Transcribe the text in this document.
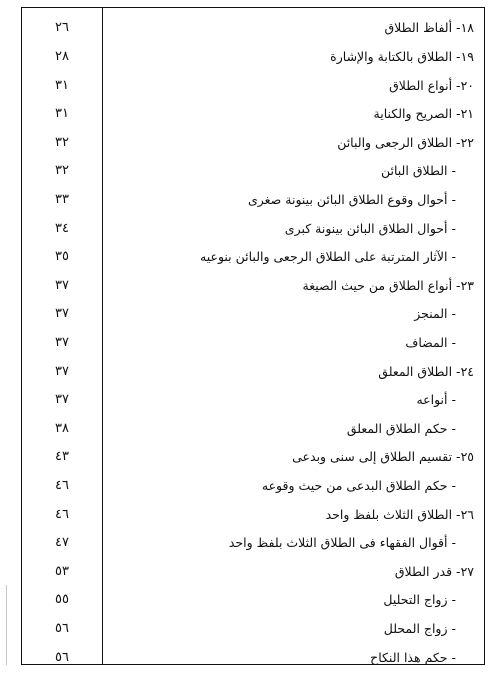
٢٦	١٨- ألفاظ الطلاق
٢٨	١٩- الطلاق بالكتابة والإشارة
٣١	٢٠- أنواع الطلاق
٣١	٢١- الصريح والكناية
٣٢	٢٢- الطلاق الرجعى والبائن
٣٢	- الطلاق البائن
٣٣	- أحوال وقوع الطلاق البائن بينونة صغرى
٣٤	- أحوال الطلاق البائن بينونة كبرى
٣٥	- الآثار المترتبة على الطلاق الرجعى والبائن بنوعيه
٣٧	٢٣- أنواع الطلاق من حيث الصيغة
٣٧	- المنجز
٣٧	- المضاف
٣٧	٢٤- الطلاق المعلق
٣٧	- أنواعه
٣٨	- حكم الطلاق المعلق
٤٣	٢٥- تقسيم الطلاق إلى سنى وبدعى
٤٦	- حكم الطلاق البدعى من حيث وقوعه
٤٦	٢٦- الطلاق الثلاث بلفظ واحد
٤٧	- أقوال الفقهاء فى الطلاق الثلاث بلفظ واحد
٥٣	٢٧- قدر الطلاق
٥٥	- زواج التحليل
٥٦	- زواج المحلل
٥٦	- حكم هذا النكاح
